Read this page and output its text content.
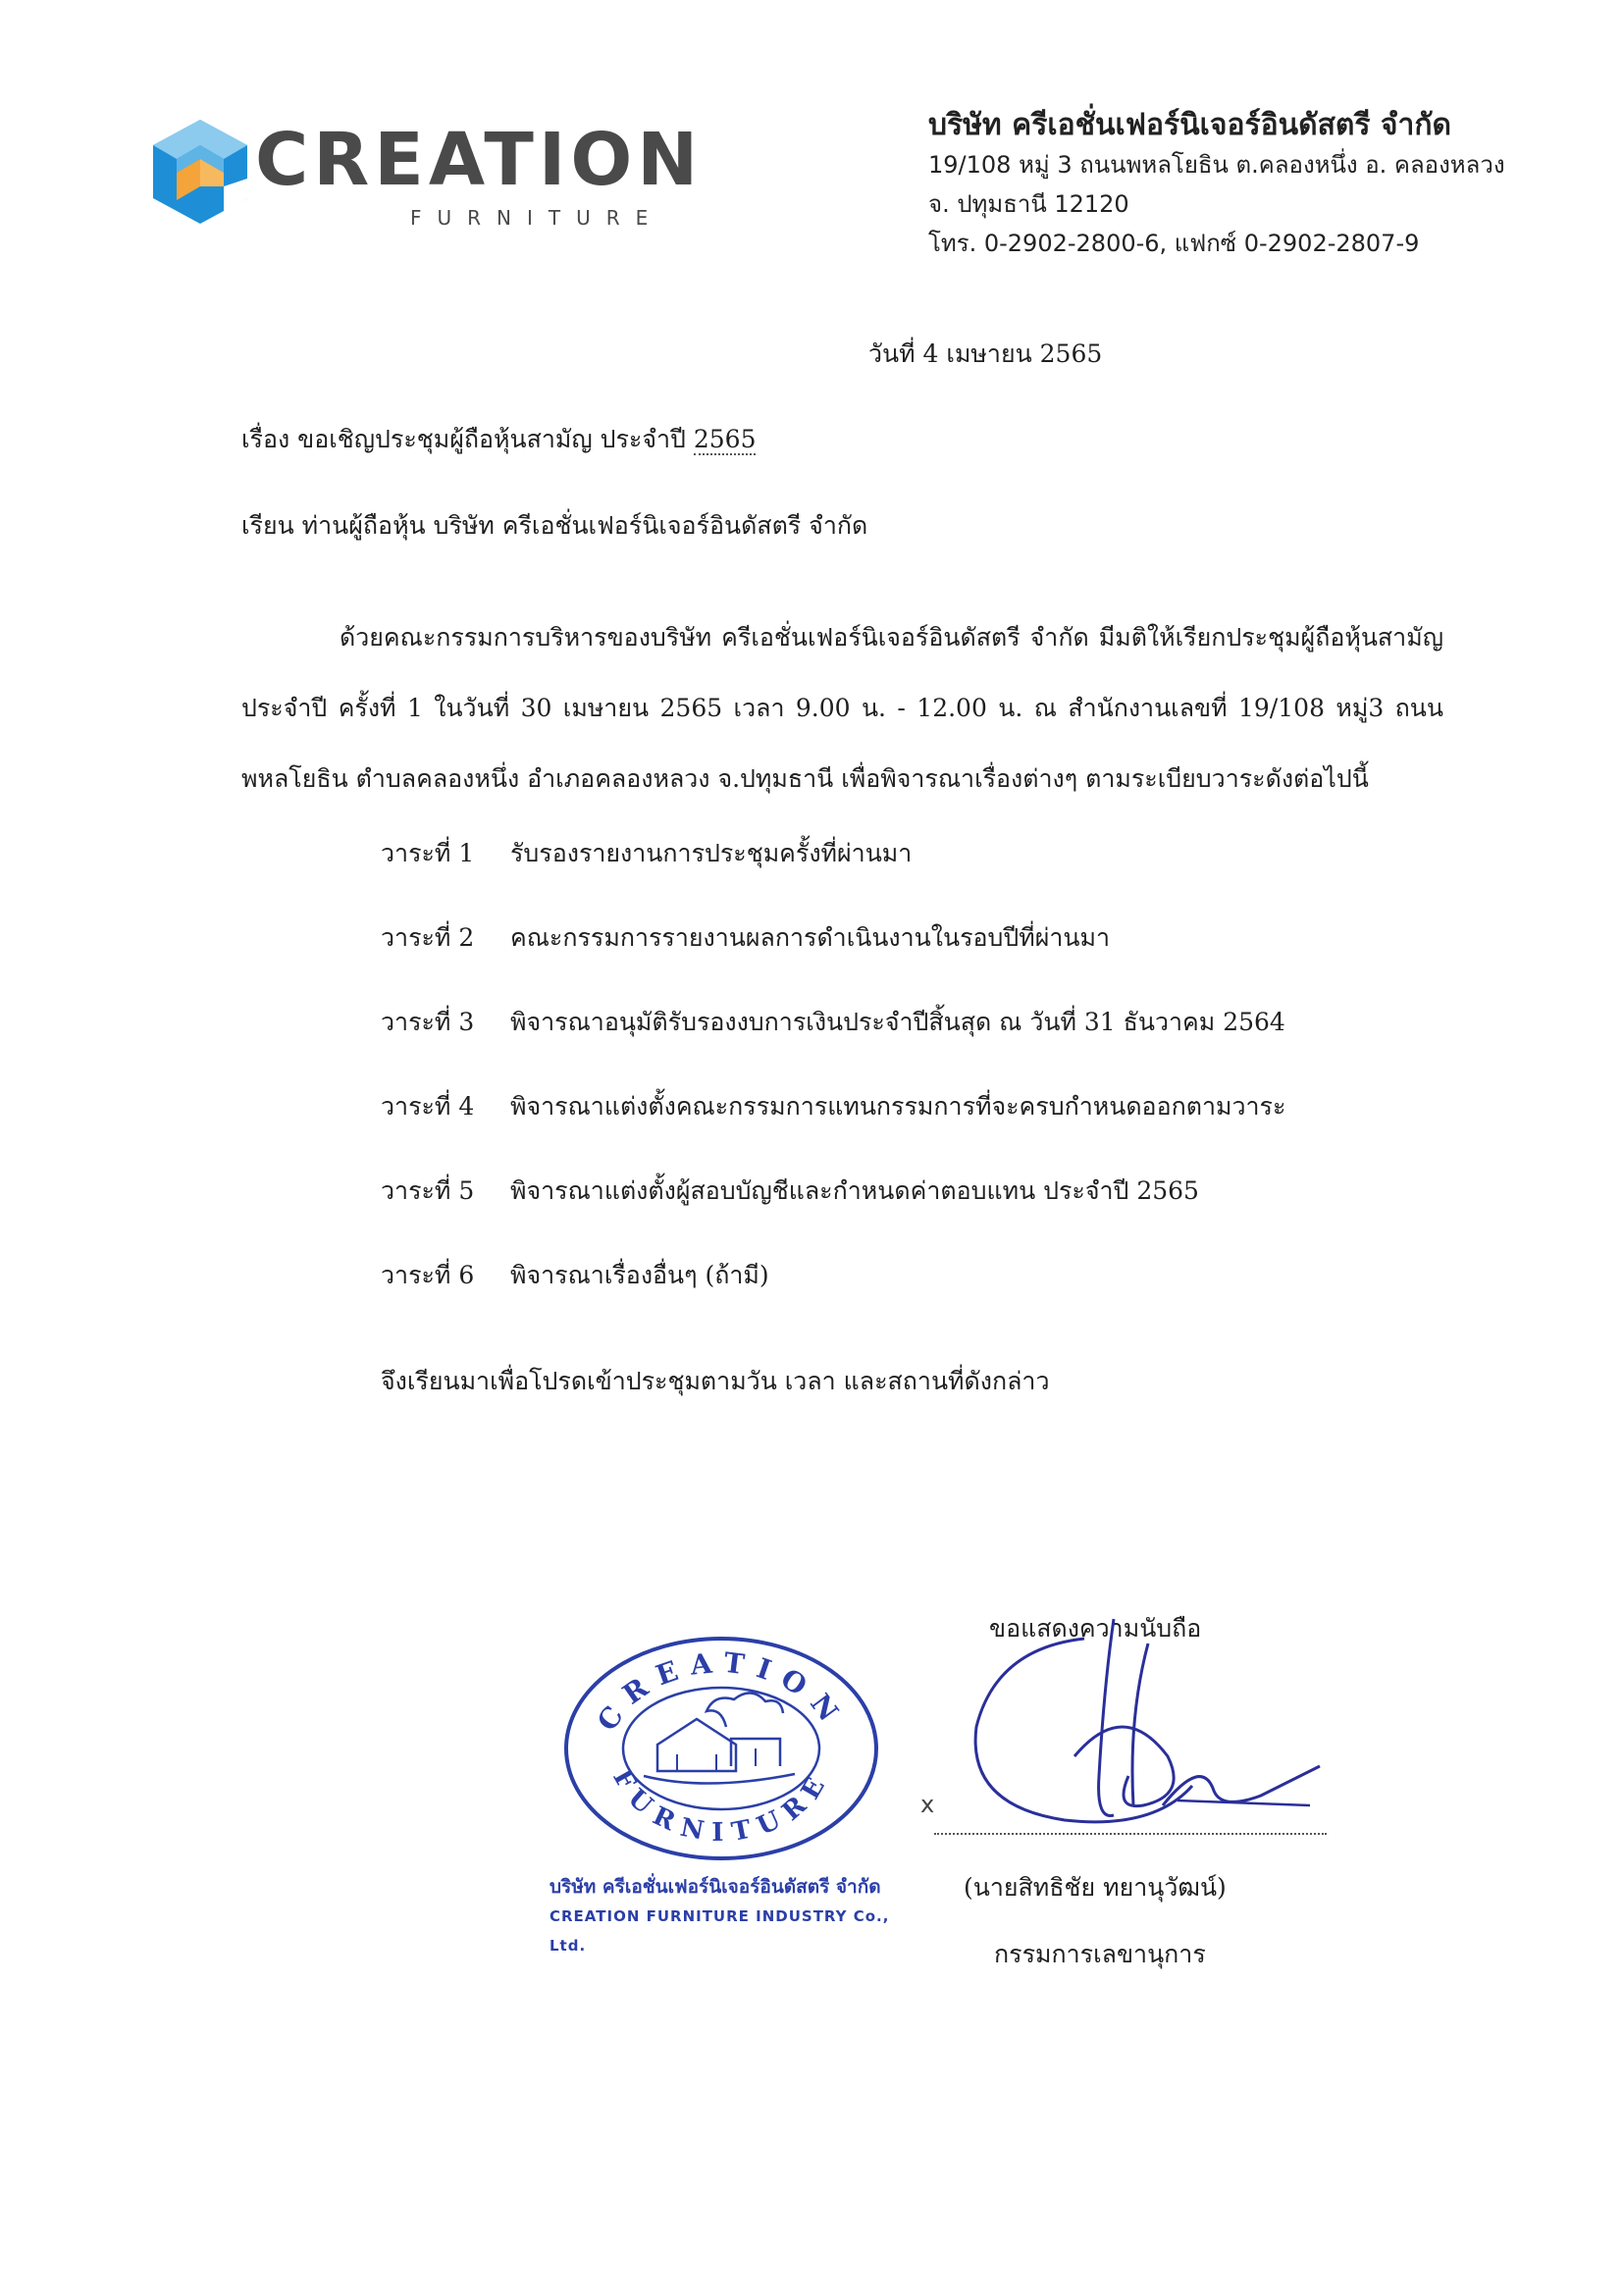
CREATION
FURNITURE
บริษัท ครีเอชั่นเฟอร์นิเจอร์อินดัสตรี จำกัด
19/108 หมู่ 3 ถนนพหลโยธิน ต.คลองหนึ่ง อ. คลองหลวง
จ. ปทุมธานี 12120
โทร. 0-2902-2800-6, แฟกซ์ 0-2902-2807-9
วันที่ 4 เมษายน 2565
เรื่อง ขอเชิญประชุมผู้ถือหุ้นสามัญ ประจำปี 2565
เรียน ท่านผู้ถือหุ้น บริษัท ครีเอชั่นเฟอร์นิเจอร์อินดัสตรี จำกัด

ด้วยคณะกรรมการบริหารของบริษัท ครีเอชั่นเฟอร์นิเจอร์อินดัสตรี จำกัด มีมติให้เรียกประชุมผู้ถือหุ้นสามัญประจำปี ครั้งที่ 1 ในวันที่ 30 เมษายน 2565 เวลา 9.00 น. - 12.00 น. ณ สำนักงานเลขที่ 19/108 หมู่3 ถนนพหลโยธิน ตำบลคลองหนึ่ง อำเภอคลองหลวง จ.ปทุมธานี เพื่อพิจารณาเรื่องต่างๆ ตามระเบียบวาระดังต่อไปนี้

วาระที่ 1 รับรองรายงานการประชุมครั้งที่ผ่านมา
วาระที่ 2 คณะกรรมการรายงานผลการดำเนินงานในรอบปีที่ผ่านมา
วาระที่ 3 พิจารณาอนุมัติรับรองงบการเงินประจำปีสิ้นสุด ณ วันที่ 31 ธันวาคม 2564
วาระที่ 4 พิจารณาแต่งตั้งคณะกรรมการแทนกรรมการที่จะครบกำหนดออกตามวาระ
วาระที่ 5 พิจารณาแต่งตั้งผู้สอบบัญชีและกำหนดค่าตอบแทน ประจำปี 2565
วาระที่ 6 พิจารณาเรื่องอื่นๆ (ถ้ามี)
จึงเรียนมาเพื่อโปรดเข้าประชุมตามวัน เวลา และสถานที่ดังกล่าว
CREATION
FURNITURE
บริษัท ครีเอชั่นเฟอร์นิเจอร์อินดัสตรี จำกัด
CREATION FURNITURE INDUSTRY Co., Ltd.
ขอแสดงความนับถือ
x
(นายสิทธิชัย ทยานุวัฒน์)
กรรมการเลขานุการ
